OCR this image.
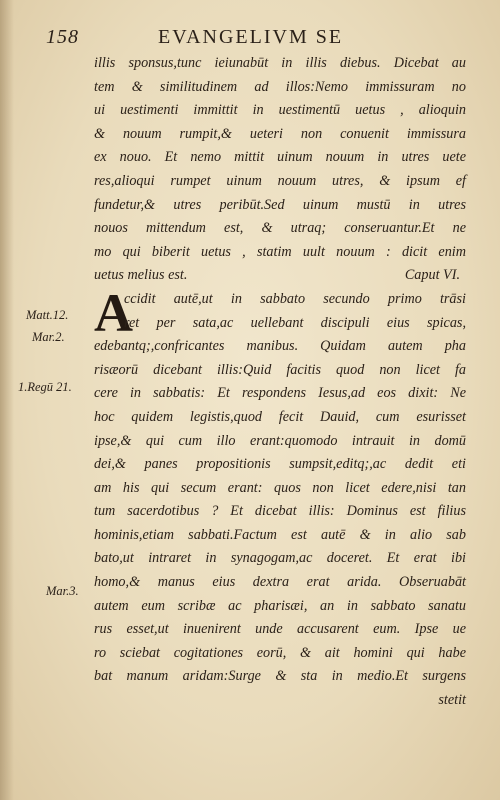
158	EVANGELIVM SE
Matt.12.
Mar.2.
1.Regū 21.
Mar.3.
illis sponsus,tunc ieiunabūt in illis diebus. Dicebat au
tem & similitudinem ad illos:Nemo immissuram no
ui uestimenti immittit in uestimentū uetus , alioquin
& nouum rumpit,& ueteri non conuenit immissura
ex nouo. Et nemo mittit uinum nouum in utres uete
res,alioqui rumpet uinum nouum utres, & ipsum ef
fundetur,& utres peribūt.Sed uinum mustū in utres
nouos mittendum est, & utraq; conseruantur.Et ne
mo qui biberit uetus , statim uult nouum : dicit enim
uetus melius est.	Caput VI.
A
ccidit autē,ut in sabbato secundo primo trāsi
ret per sata,ac uellebant discipuli eius spicas,
edebantq;,confricantes manibus. Quidam autem pha
risæorū dicebant illis:Quid facitis quod non licet fa
cere in sabbatis: Et respondens Iesus,ad eos dixit: Ne
hoc quidem legistis,quod fecit Dauid, cum esurisset
ipse,& qui cum illo erant:quomodo intrauit in domū
dei,& panes propositionis sumpsit,editq;,ac dedit eti
am his qui secum erant: quos non licet edere,nisi tan
tum sacerdotibus ? Et dicebat illis: Dominus est filius
hominis,etiam sabbati.Factum est autē & in alio sab
bato,ut intraret in synagogam,ac doceret. Et erat ibi
homo,& manus eius dextra erat arida. Obseruabāt
autem eum scribæ ac pharisæi, an in sabbato sanatu
rus esset,ut inuenirent unde accusarent eum. Ipse ue
ro sciebat cogitationes eorū, & ait homini qui habe
bat manum aridam:Surge & sta in medio.Et surgens
stetit
